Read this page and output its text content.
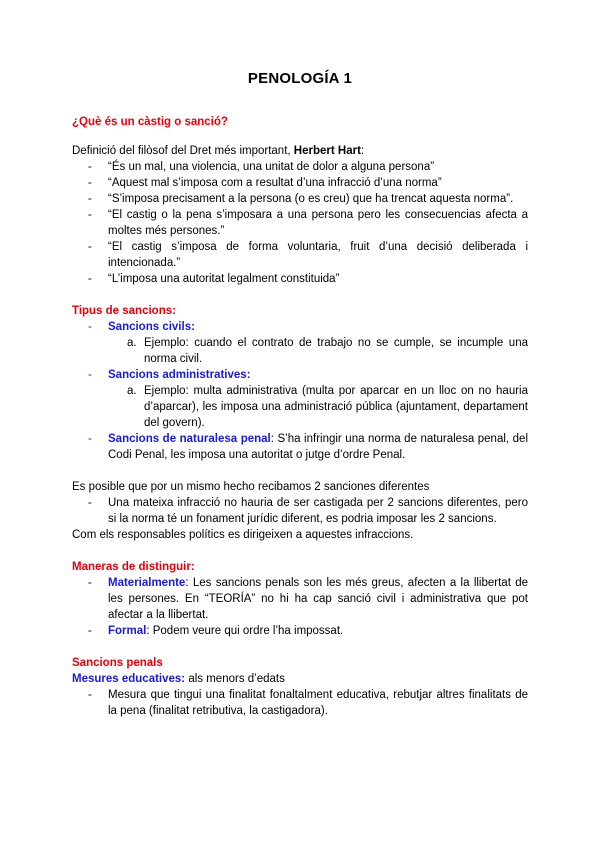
PENOLOGÍA 1
¿Què és un càstig o sanció?
Definició del filòsof del Dret més important, Herbert Hart:
- “És un mal, una violencia, una unitat de dolor a alguna persona”
- “Aquest mal s’imposa com a resultat d’una infracció d’una norma”
- “S’imposa precisament a la persona (o es creu) que ha trencat aquesta norma”.
- “El castig o la pena s’imposara a una persona pero les consecuencias afecta a moltes més persones.”
- “El castig s’imposa de forma voluntaria, fruit d’una decisió deliberada i intencionada.”
- “L’imposa una autoritat legalment constituida”
Tipus de sancions:
- Sancions civils:
a. Ejemplo: cuando el contrato de trabajo no se cumple, se incumple una norma civil.
- Sancions administratives:
a. Ejemplo: multa administrativa (multa por aparcar en un lloc on no hauria d’aparcar), les imposa una administració pública (ajuntament, departament del govern).
- Sancions de naturalesa penal: S’ha infringir una norma de naturalesa penal, del Codi Penal, les imposa una autoritat o jutge d’ordre Penal.
Es posible que por un mismo hecho recibamos 2 sanciones diferentes
- Una mateixa infracció no hauria de ser castigada per 2 sancions diferentes, pero si la norma té un fonament jurídic diferent, es podria imposar les 2 sancions.
Com els responsables polítics es dirigeixen a aquestes infraccions.
Maneras de distinguir:
- Materialmente: Les sancions penals son les més greus, afecten a la llibertat de les persones. En “TEORÍA” no hi ha cap sanció civil i administrativa que pot afectar a la llibertat.
- Formal: Podem veure qui ordre l’ha impossat.
Sancions penals
Mesures educatives: als menors d’edats
- Mesura que tingui una finalitat fonaltalment educativa, rebutjar altres finalitats de la pena (finalitat retributiva, la castigadora).
